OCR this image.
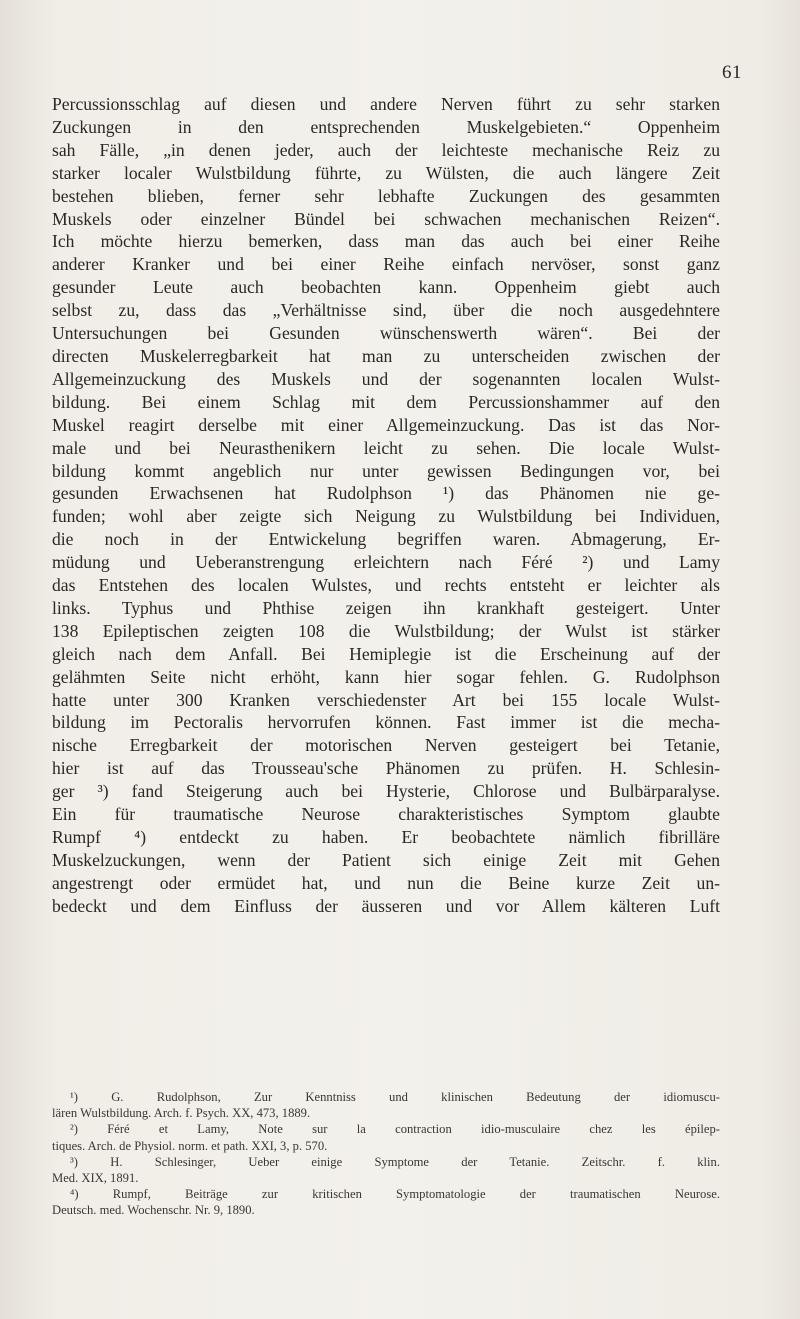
61
Percussionsschlag auf diesen und andere Nerven führt zu sehr starken
Zuckungen in den entsprechenden Muskelgebieten.“ Oppenheim
sah Fälle, „in denen jeder, auch der leichteste mechanische Reiz zu
starker localer Wulstbildung führte, zu Wülsten, die auch längere Zeit
bestehen blieben, ferner sehr lebhafte Zuckungen des gesammten
Muskels oder einzelner Bündel bei schwachen mechanischen Reizen“.
Ich möchte hierzu bemerken, dass man das auch bei einer Reihe
anderer Kranker und bei einer Reihe einfach nervöser, sonst ganz
gesunder Leute auch beobachten kann. Oppenheim giebt auch
selbst zu, dass das „Verhältnisse sind, über die noch ausgedehntere
Untersuchungen bei Gesunden wünschenswerth wären“. Bei der
directen Muskelerregbarkeit hat man zu unterscheiden zwischen der
Allgemeinzuckung des Muskels und der sogenannten localen Wulst-
bildung. Bei einem Schlag mit dem Percussionshammer auf den
Muskel reagirt derselbe mit einer Allgemeinzuckung. Das ist das Nor-
male und bei Neurasthenikern leicht zu sehen. Die locale Wulst-
bildung kommt angeblich nur unter gewissen Bedingungen vor, bei
gesunden Erwachsenen hat Rudolphson ¹) das Phänomen nie ge-
funden; wohl aber zeigte sich Neigung zu Wulstbildung bei Individuen,
die noch in der Entwickelung begriffen waren. Abmagerung, Er-
müdung und Ueberanstrengung erleichtern nach Féré ²) und Lamy
das Entstehen des localen Wulstes, und rechts entsteht er leichter als
links. Typhus und Phthise zeigen ihn krankhaft gesteigert. Unter
138 Epileptischen zeigten 108 die Wulstbildung; der Wulst ist stärker
gleich nach dem Anfall. Bei Hemiplegie ist die Erscheinung auf der
gelähmten Seite nicht erhöht, kann hier sogar fehlen. G. Rudolphson
hatte unter 300 Kranken verschiedenster Art bei 155 locale Wulst-
bildung im Pectoralis hervorrufen können. Fast immer ist die mecha-
nische Erregbarkeit der motorischen Nerven gesteigert bei Tetanie,
hier ist auf das Trousseau'sche Phänomen zu prüfen. H. Schlesin-
ger ³) fand Steigerung auch bei Hysterie, Chlorose und Bulbärparalyse.
Ein für traumatische Neurose charakteristisches Symptom glaubte
Rumpf ⁴) entdeckt zu haben. Er beobachtete nämlich fibrilläre
Muskelzuckungen, wenn der Patient sich einige Zeit mit Gehen
angestrengt oder ermüdet hat, und nun die Beine kurze Zeit un-
bedeckt und dem Einfluss der äusseren und vor Allem kälteren Luft
¹) G. Rudolphson, Zur Kenntniss und klinischen Bedeutung der idiomuscu-
lären Wulstbildung. Arch. f. Psych. XX, 473, 1889.
²) Féré et Lamy, Note sur la contraction idio-musculaire chez les épilep-
tiques. Arch. de Physiol. norm. et path. XXI, 3, p. 570.
³) H. Schlesinger, Ueber einige Symptome der Tetanie. Zeitschr. f. klin.
Med. XIX, 1891.
⁴) Rumpf, Beiträge zur kritischen Symptomatologie der traumatischen Neurose.
Deutsch. med. Wochenschr. Nr. 9, 1890.
